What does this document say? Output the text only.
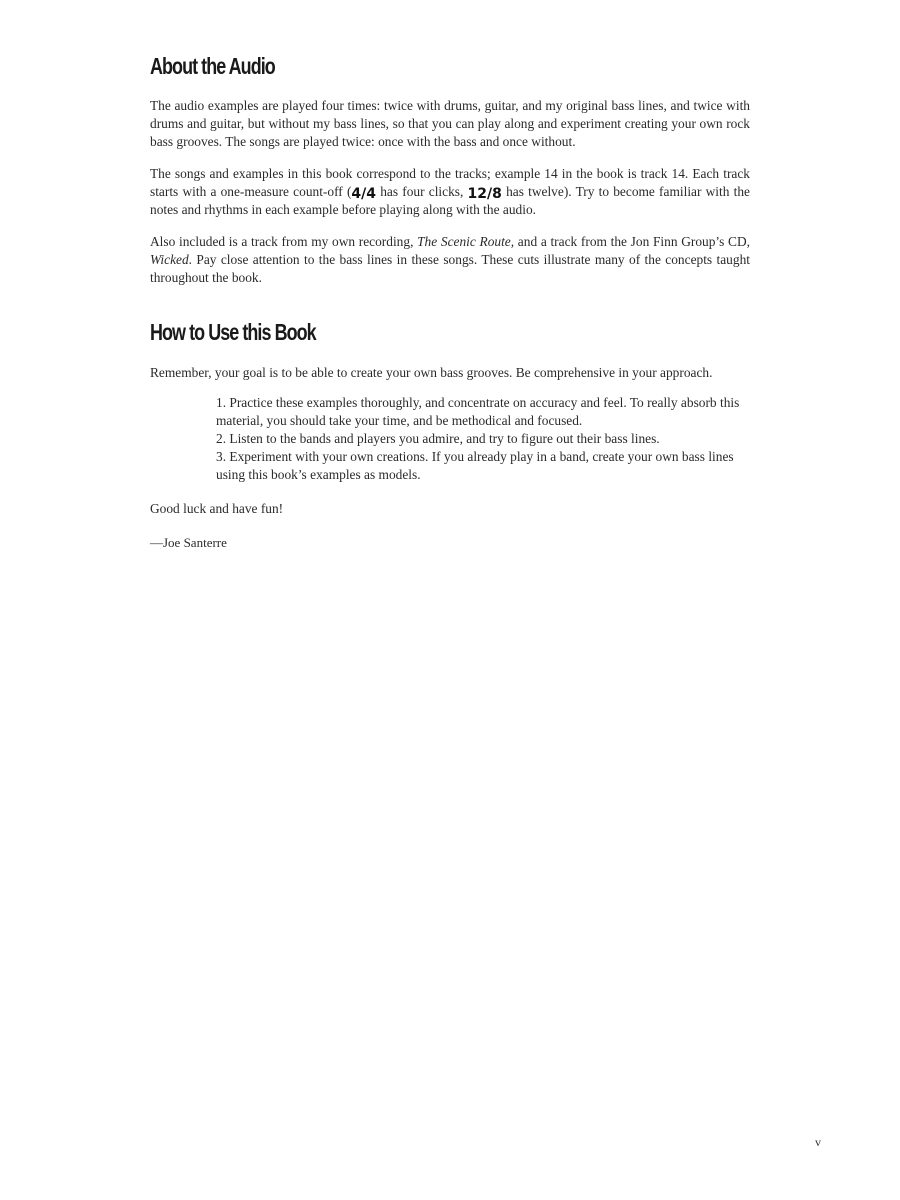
About the Audio

The audio examples are played four times: twice with drums, guitar, and my original bass lines, and twice with drums and guitar, but without my bass lines, so that you can play along and experiment creating your own rock bass grooves. The songs are played twice: once with the bass and once without.

The songs and examples in this book correspond to the tracks; example 14 in the book is track 14. Each track starts with a one-measure count-off (4/4 has four clicks, 12/8 has twelve). Try to become familiar with the notes and rhythms in each example before playing along with the audio.

Also included is a track from my own recording, The Scenic Route, and a track from the Jon Finn Group’s CD, Wicked. Pay close attention to the bass lines in these songs. These cuts illustrate many of the concepts taught throughout the book.

How to Use this Book

Remember, your goal is to be able to create your own bass grooves. Be comprehensive in your approach.

1. Practice these examples thoroughly, and concentrate on accuracy and feel. To really absorb this material, you should take your time, and be methodical and focused.
2. Listen to the bands and players you admire, and try to figure out their bass lines.
3. Experiment with your own creations. If you already play in a band, create your own bass lines using this book’s examples as models.

Good luck and have fun!

—Joe Santerre

v
